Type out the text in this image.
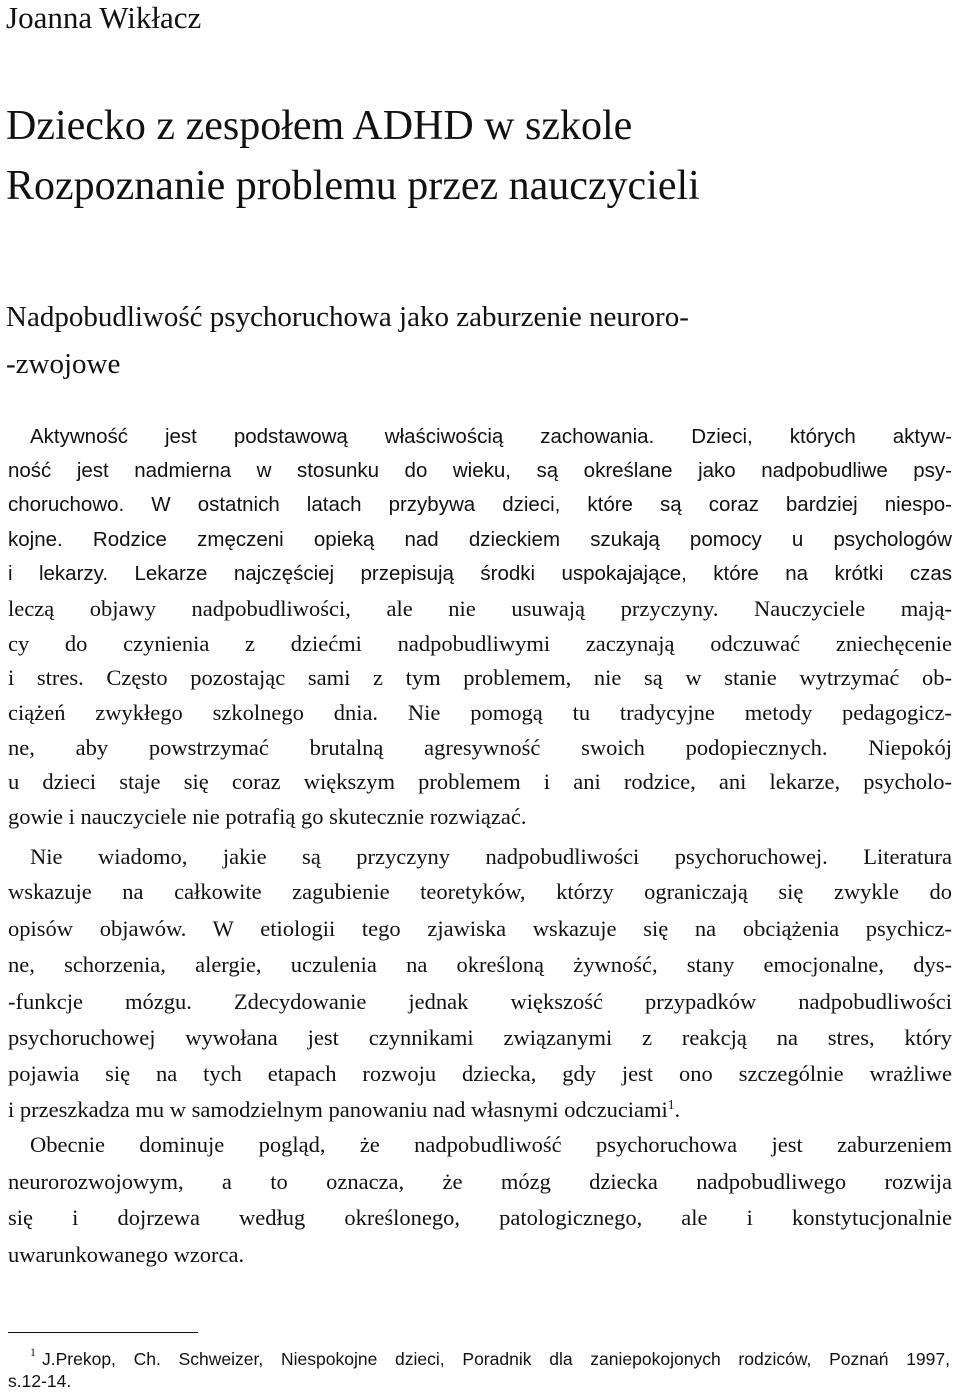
Joanna Wikłacz
Dziecko z zespołem ADHD w szkole
Rozpoznanie problemu przez nauczycieli
Nadpobudliwość psychoruchowa jako zaburzenie neuroro-
-zwojowe
Aktywność jest podstawową właściwością zachowania. Dzieci, których aktyw-
ność jest nadmierna w stosunku do wieku, są określane jako nadpobudliwe psy-
choruchowo. W ostatnich latach przybywa dzieci, które są coraz bardziej niespo-
kojne. Rodzice zmęczeni opieką nad dzieckiem szukają pomocy u psychologów
i lekarzy. Lekarze najczęściej przepisują środki uspokajające, które na krótki czas
leczą objawy nadpobudliwości, ale nie usuwają przyczyny. Nauczyciele mają-
cy do czynienia z dziećmi nadpobudliwymi zaczynają odczuwać zniechęcenie
i stres. Często pozostając sami z tym problemem, nie są w stanie wytrzymać ob-
ciążeń zwykłego szkolnego dnia. Nie pomogą tu tradycyjne metody pedagogicz-
ne, aby powstrzymać brutalną agresywność swoich podopiecznych. Niepokój
u dzieci staje się coraz większym problemem i ani rodzice, ani lekarze, psycholo-
gowie i nauczyciele nie potrafią go skutecznie rozwiązać.
Nie wiadomo, jakie są przyczyny nadpobudliwości psychoruchowej. Literatura
wskazuje na całkowite zagubienie teoretyków, którzy ograniczają się zwykle do
opisów objawów. W etiologii tego zjawiska wskazuje się na obciążenia psychicz-
ne, schorzenia, alergie, uczulenia na określoną żywność, stany emocjonalne, dys-
-funkcje mózgu. Zdecydowanie jednak większość przypadków nadpobudliwości
psychoruchowej wywołana jest czynnikami związanymi z reakcją na stres, który
pojawia się na tych etapach rozwoju dziecka, gdy jest ono szczególnie wrażliwe
i przeszkadza mu w samodzielnym panowaniu nad własnymi odczuciami$^1$.
Obecnie dominuje pogląd, że nadpobudliwość psychoruchowa jest zaburzeniem
neurorozwojowym, a to oznacza, że mózg dziecka nadpobudliwego rozwija
się i dojrzewa według określonego, patologicznego, ale i konstytucjonalnie
uwarunkowanego wzorca.
1 J.Prekop, Ch. Schweizer, Niespokojne dzieci, Poradnik dla zaniepokojonych rodziców, Poznań 1997,
s.12-14.
